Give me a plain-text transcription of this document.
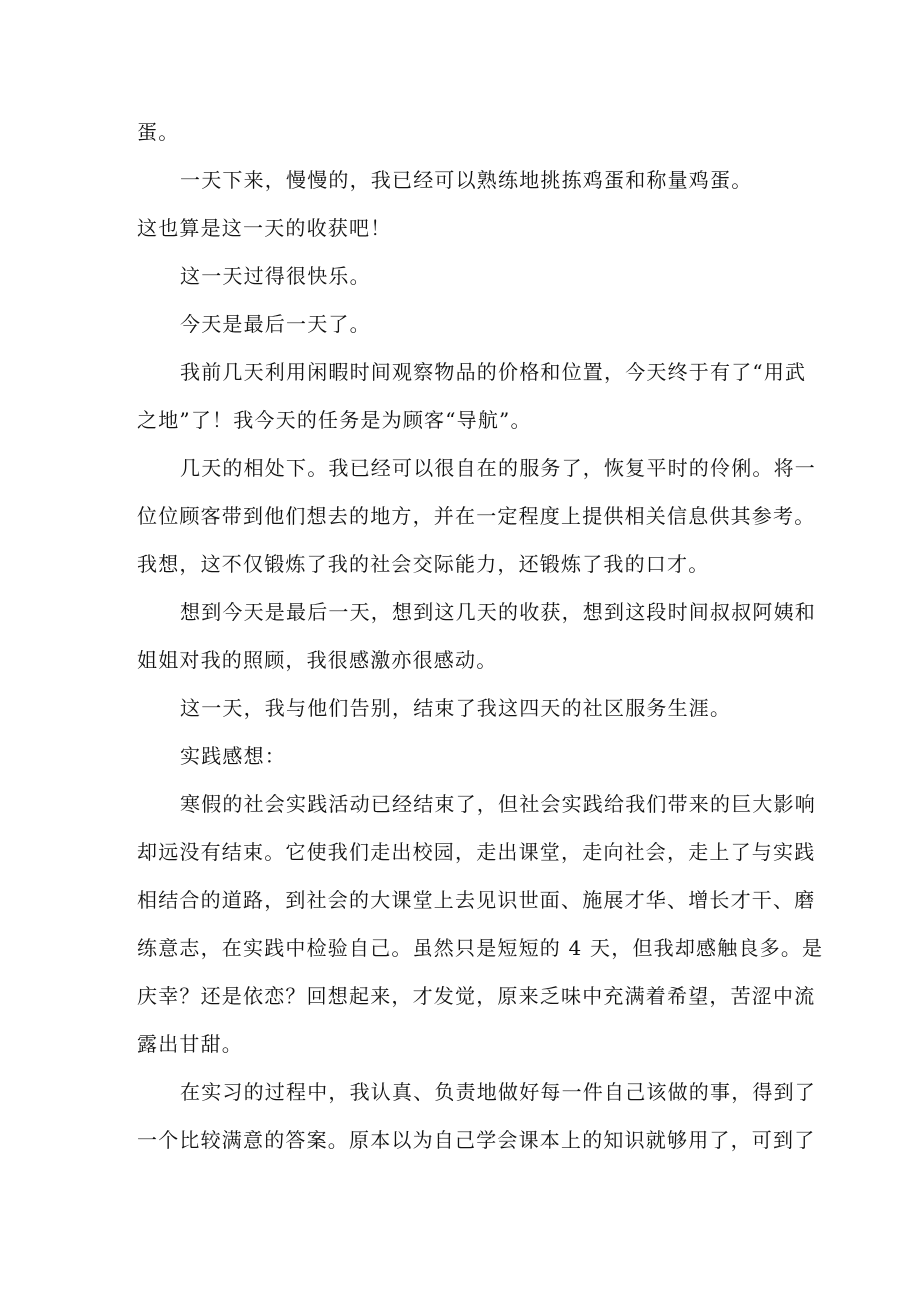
蛋。
一天下来，慢慢的，我已经可以熟练地挑拣鸡蛋和称量鸡蛋。
这也算是这一天的收获吧！
这一天过得很快乐。
今天是最后一天了。
我前几天利用闲暇时间观察物品的价格和位置，今天终于有了“用武
之地”了！我今天的任务是为顾客“导航”。
几天的相处下。我已经可以很自在的服务了，恢复平时的伶俐。将一
位位顾客带到他们想去的地方，并在一定程度上提供相关信息供其参考。
我想，这不仅锻炼了我的社会交际能力，还锻炼了我的口才。
想到今天是最后一天，想到这几天的收获，想到这段时间叔叔阿姨和
姐姐对我的照顾，我很感激亦很感动。
这一天，我与他们告别，结束了我这四天的社区服务生涯。
实践感想：
寒假的社会实践活动已经结束了，但社会实践给我们带来的巨大影响
却远没有结束。它使我们走出校园，走出课堂，走向社会，走上了与实践
相结合的道路，到社会的大课堂上去见识世面、施展才华、增长才干、磨
练意志，在实践中检验自己。虽然只是短短的 4 天，但我却感触良多。是
庆幸？还是依恋？回想起来，才发觉，原来乏味中充满着希望，苦涩中流
露出甘甜。
在实习的过程中，我认真、负责地做好每一件自己该做的事，得到了
一个比较满意的答案。原本以为自己学会课本上的知识就够用了，可到了
